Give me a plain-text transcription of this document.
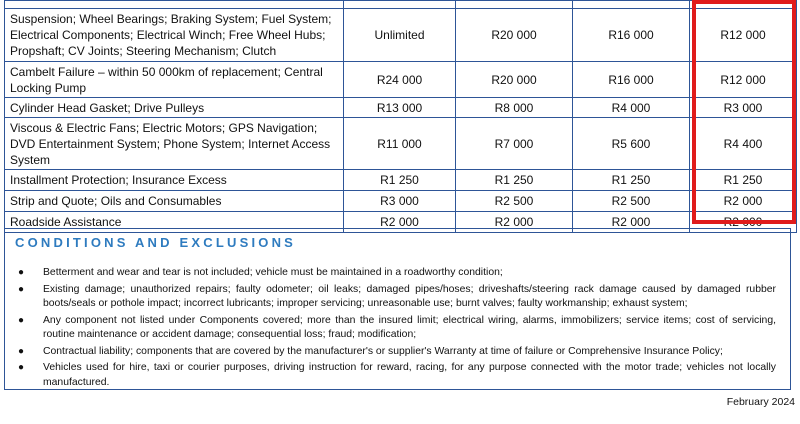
Suspension; Wheel Bearings; Braking System; Fuel System; Electrical Components; Electrical Winch; Free Wheel Hubs; Propshaft; CV Joints; Steering Mechanism; Clutch	Unlimited	R20 000	R16 000	R12 000
Cambelt Failure – within 50 000km of replacement; Central Locking Pump	R24 000	R20 000	R16 000	R12 000
Cylinder Head Gasket; Drive Pulleys	R13 000	R8 000	R4 000	R3 000
Viscous & Electric Fans; Electric Motors; GPS Navigation; DVD Entertainment System; Phone System; Internet Access System	R11 000	R7 000	R5 600	R4 400
Installment Protection; Insurance Excess	R1 250	R1 250	R1 250	R1 250
Strip and Quote; Oils and Consumables	R3 000	R2 500	R2 500	R2 000
Roadside Assistance	R2 000	R2 000	R2 000	R2 000
CONDITIONS AND EXCLUSIONS
● Betterment and wear and tear is not included; vehicle must be maintained in a roadworthy condition;
● Existing damage; unauthorized repairs; faulty odometer; oil leaks; damaged pipes/hoses; driveshafts/steering rack damage caused by damaged rubber boots/seals or pothole impact; incorrect lubricants; improper servicing; unreasonable use; burnt valves; faulty workmanship; exhaust system;
● Any component not listed under Components covered; more than the insured limit; electrical wiring, alarms, immobilizers; service items; cost of servicing, routine maintenance or accident damage; consequential loss; fraud; modification;
● Contractual liability; components that are covered by the manufacturer's or supplier's Warranty at time of failure or Comprehensive Insurance Policy;
● Vehicles used for hire, taxi or courier purposes, driving instruction for reward, racing, for any purpose connected with the motor trade; vehicles not locally manufactured.
February 2024
